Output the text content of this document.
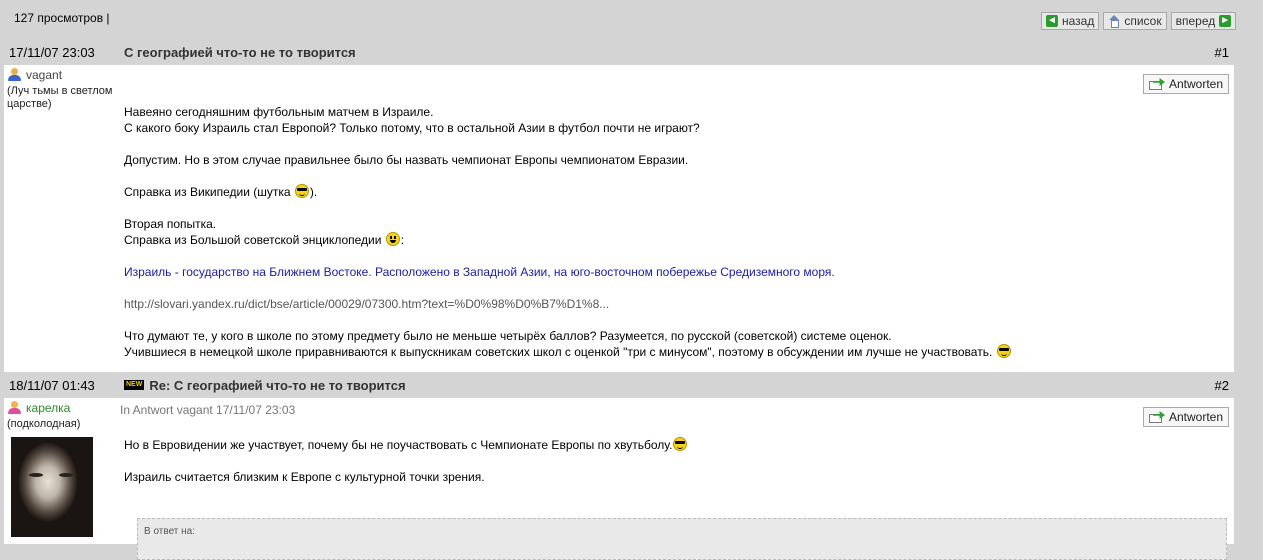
127 просмотров |	◄ назад	список вперед ►
17/11/07 23:03 С географией что-то не то творится	#1
vagant
(Луч тьмы в светлом царстве)
Antworten

Навеяно сегодняшним футбольным матчем в Израиле.

С какого боку Израиль стал Европой? Только потому, что в остальной Азии в футбол почти не играют?

Допустим. Но в этом случае правильнее было бы назвать чемпионат Европы чемпионатом Евразии.

Справка из Википедии (шутка ).

Вторая попытка.

Справка из Большой советской энциклопедии :

Израиль - государство на Ближнем Востоке. Расположено в Западной Азии, на юго-восточном побережье Средиземного моря.

http://slovari.yandex.ru/dict/bse/article/00029/07300.htm?text=%D0%98%D0%B7%D1%8...

Что думают те, у кого в школе по этому предмету было не меньше четырёх баллов? Разумеется, по русской (советской) системе оценок.

Учившиеся в немецкой школе приравниваются к выпускникам советских школ с оценкой "три с минусом", поэтому в обсуждении им лучше не участвовать.

18/11/07 01:43	NEW Re: С географией что-то не то творится	#2
карелка
(подколодная)
In Antwort vagant 17/11/07 23:03	Antworten

Но в Евровидении же участвует, почему бы не поучаствовать с Чемпионате Европы по хвутьболу.

Израиль считается близким к Европе с культурной точки зрения.

В ответ на:
